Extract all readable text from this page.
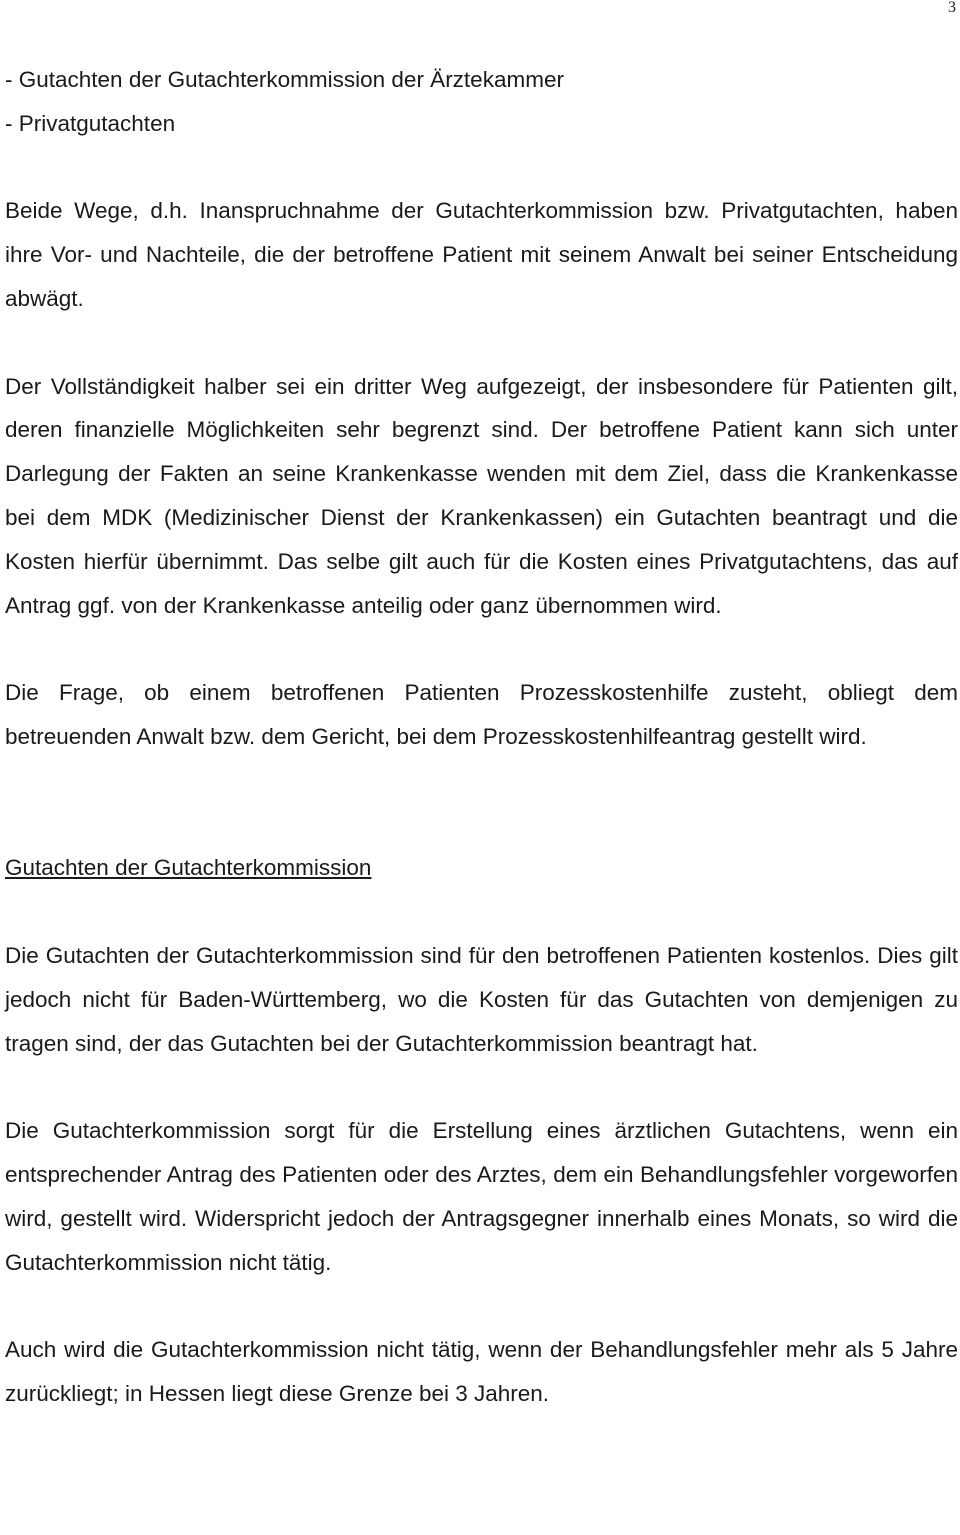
3
- Gutachten der Gutachterkommission der Ärztekammer
- Privatgutachten

Beide Wege, d.h. Inanspruchnahme der Gutachterkommission bzw. Privatgutachten, haben ihre Vor- und Nachteile, die der betroffene Patient mit seinem Anwalt bei seiner Entscheidung abwägt.

Der Vollständigkeit halber sei ein dritter Weg aufgezeigt, der insbesondere für Patienten gilt, deren finanzielle Möglichkeiten sehr begrenzt sind. Der betroffene Patient kann sich unter Darlegung der Fakten an seine Krankenkasse wenden mit dem Ziel, dass die Krankenkasse bei dem MDK (Medizinischer Dienst der Krankenkassen) ein Gutachten beantragt und die Kosten hierfür übernimmt. Das selbe gilt auch für die Kosten eines Privatgutachtens, das auf Antrag ggf. von der Krankenkasse anteilig oder ganz übernommen wird.

Die Frage, ob einem betroffenen Patienten Prozesskostenhilfe zusteht, obliegt dem betreuenden Anwalt bzw. dem Gericht, bei dem Prozesskostenhilfeantrag gestellt wird.

Gutachten der Gutachterkommission

Die Gutachten der Gutachterkommission sind für den betroffenen Patienten kostenlos. Dies gilt jedoch nicht für Baden-Württemberg, wo die Kosten für das Gutachten von demjenigen zu tragen sind, der das Gutachten bei der Gutachterkommission beantragt hat.

Die Gutachterkommission sorgt für die Erstellung eines ärztlichen Gutachtens, wenn ein entsprechender Antrag des Patienten oder des Arztes, dem ein Behandlungsfehler vorgeworfen wird, gestellt wird. Widerspricht jedoch der Antragsgegner innerhalb eines Monats, so wird die Gutachterkommission nicht tätig.

Auch wird die Gutachterkommission nicht tätig, wenn der Behandlungsfehler mehr als 5 Jahre zurückliegt; in Hessen liegt diese Grenze bei 3 Jahren.
